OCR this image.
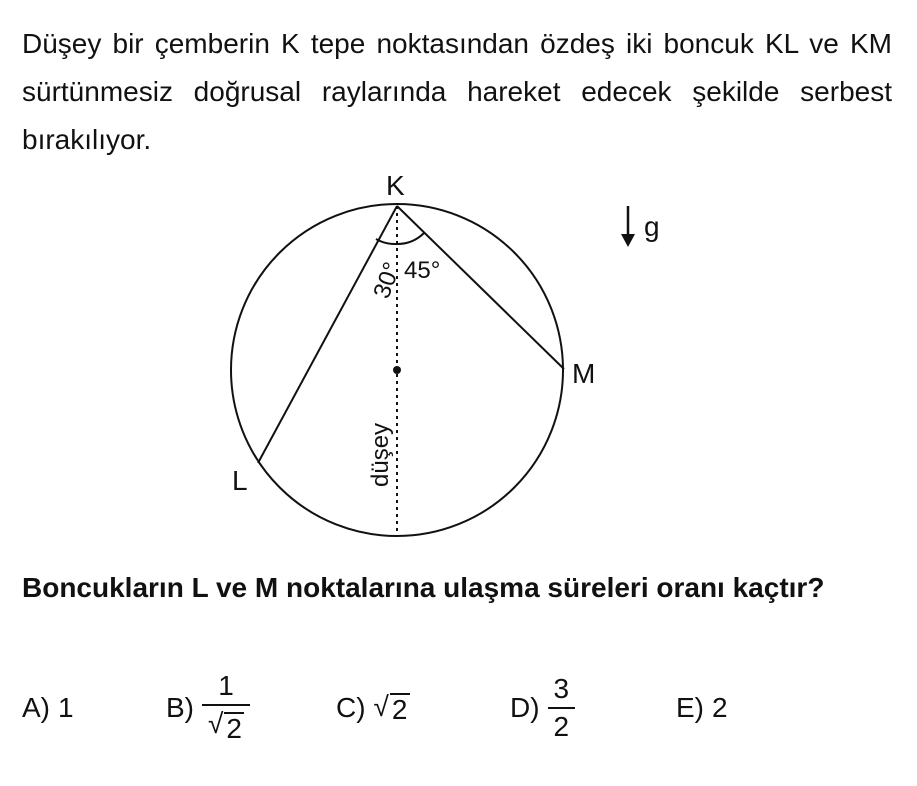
Düşey bir çemberin K tepe noktasından özdeş iki boncuk KL ve KM sürtünmesiz doğrusal raylarında hareket edecek şekilde serbest bırakılıyor.

K
L
M
30°
45°
düşey
g

Boncukların L ve M noktalarına ulaşma süreleri oranı kaçtır?

A) 1	$B) \frac{1}{√ 2}$	C) √ 2	$D) \frac{3}{2}$	E) 2
